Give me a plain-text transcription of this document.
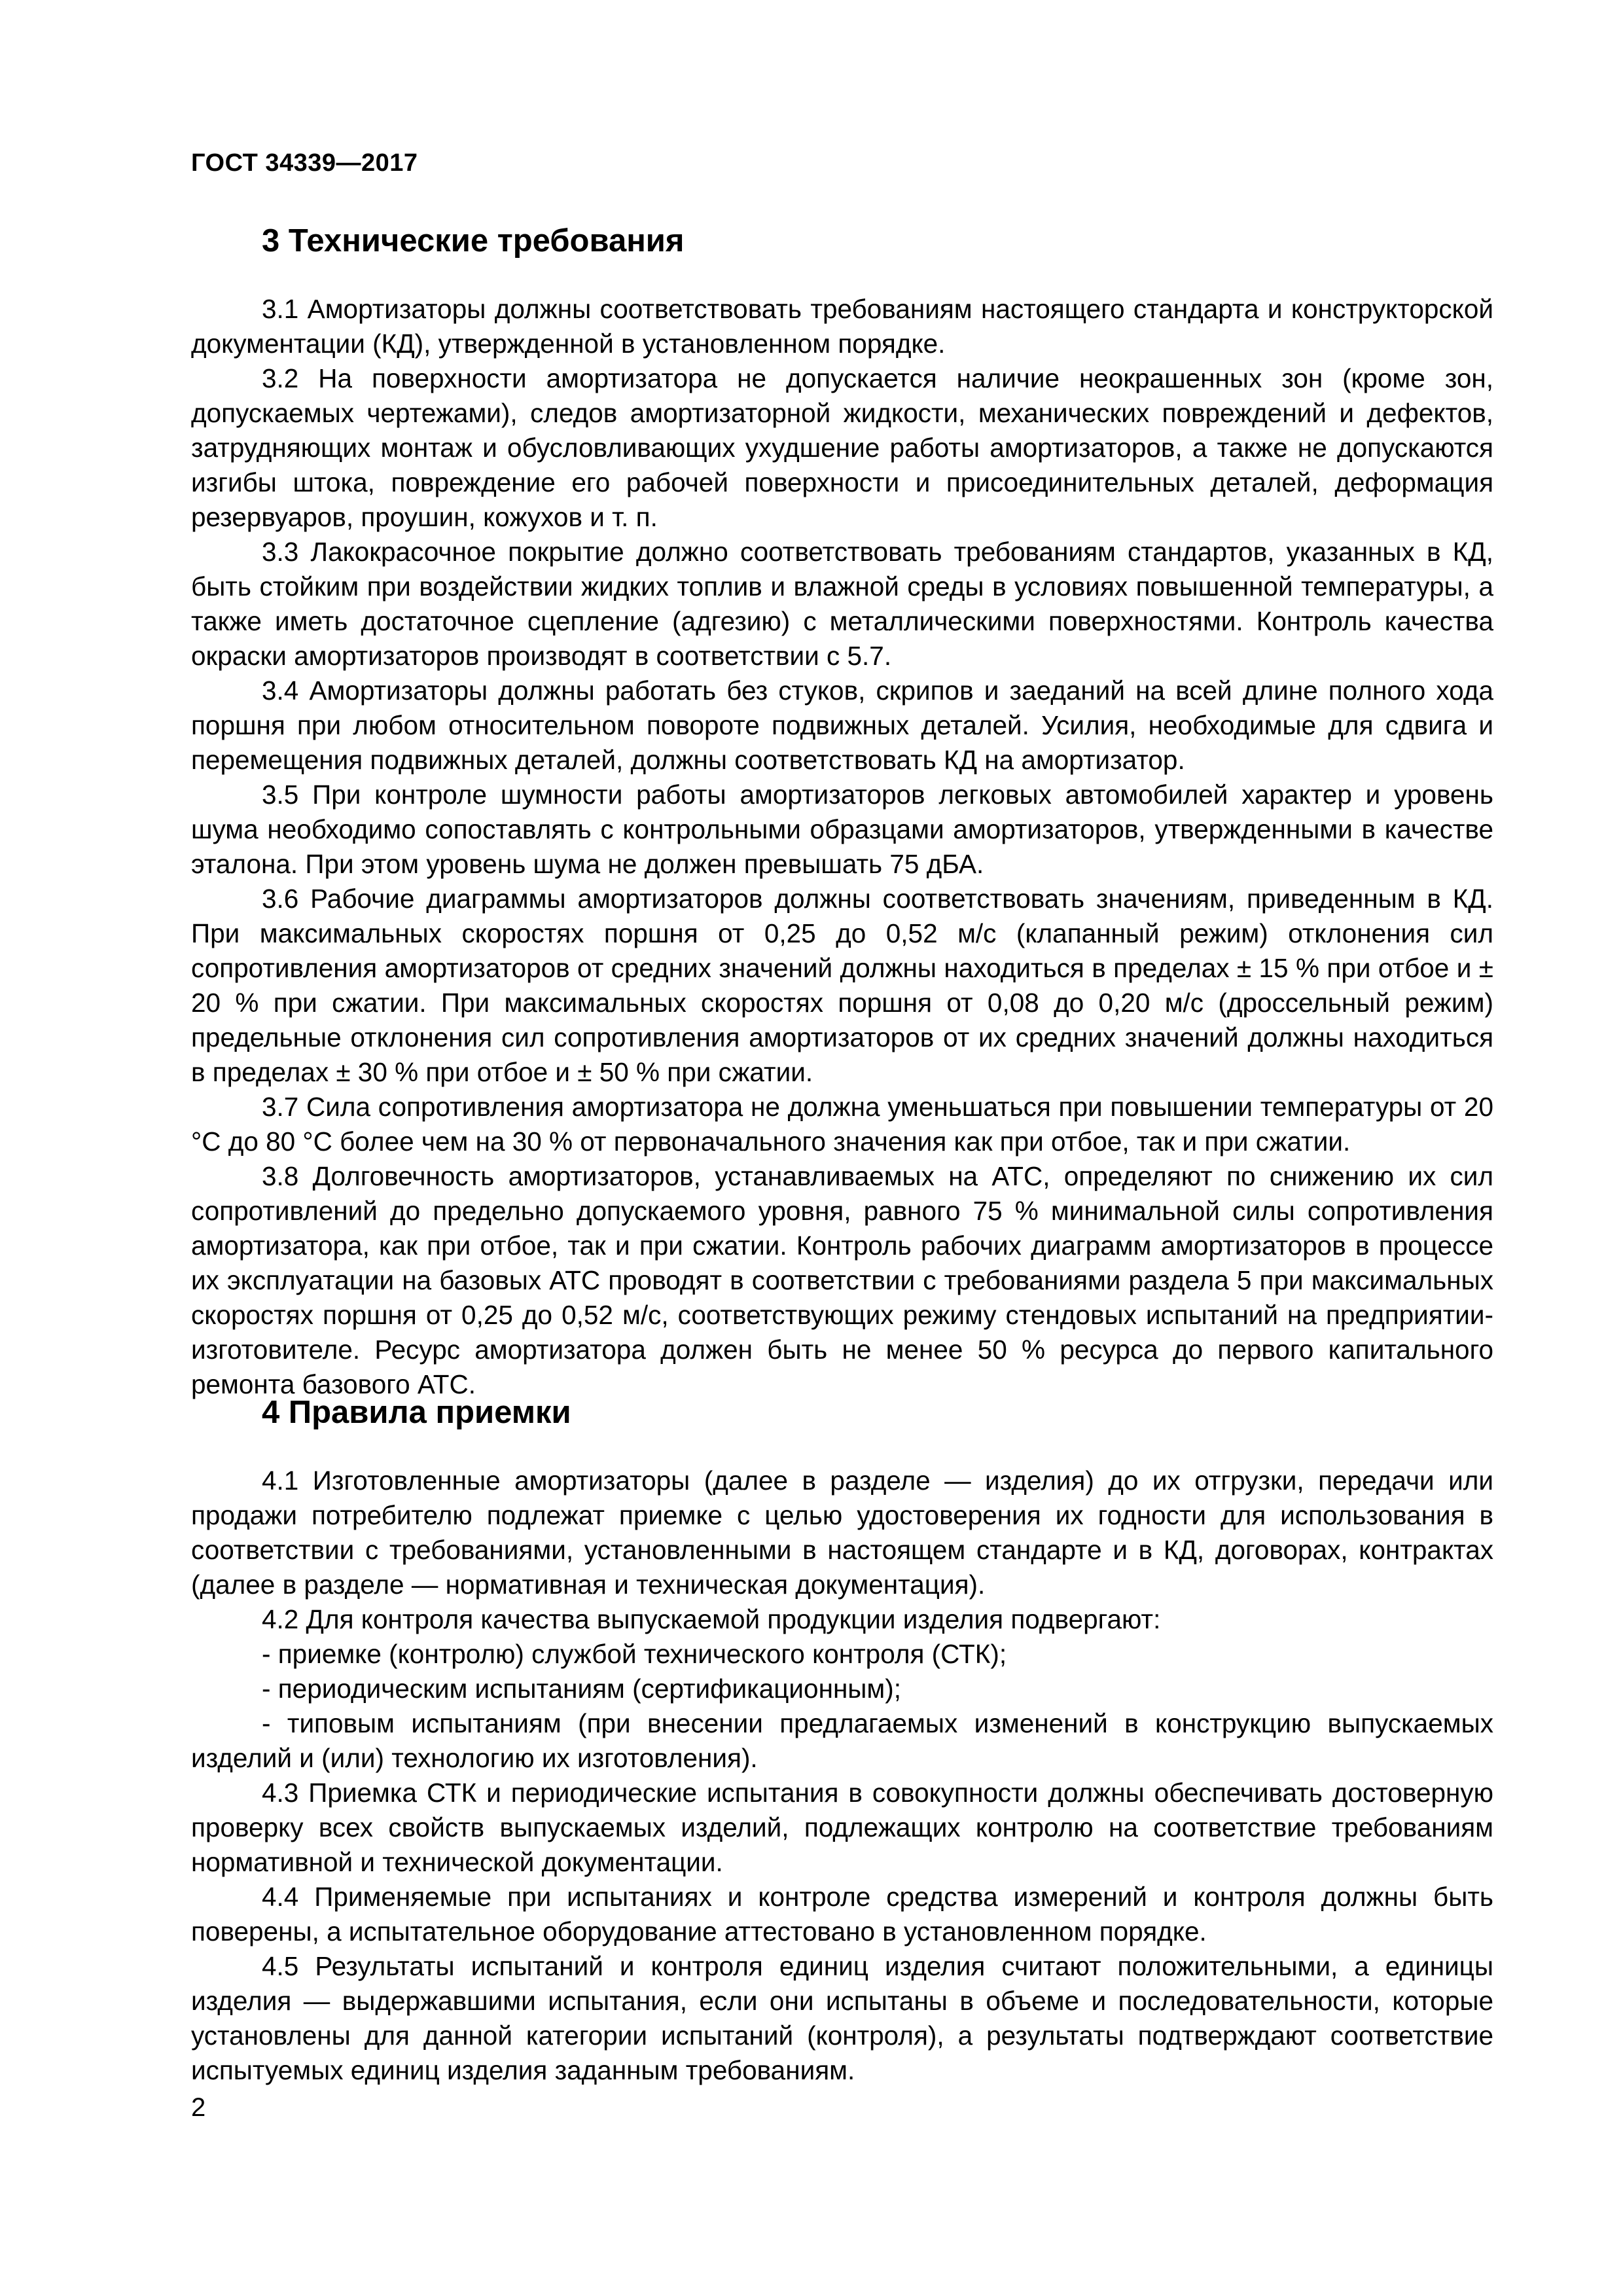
ГОСТ 34339—2017
3 Технические требования

3.1 Амортизаторы должны соответствовать требованиям настоящего стандарта и конструкторской документации (КД), утвержденной в установленном порядке.

3.2 На поверхности амортизатора не допускается наличие неокрашенных зон (кроме зон, допускаемых чертежами), следов амортизаторной жидкости, механических повреждений и дефектов, затрудняющих монтаж и обусловливающих ухудшение работы амортизаторов, а также не допускаются изгибы штока, повреждение его рабочей поверхности и присоединительных деталей, деформация резервуаров, проушин, кожухов и т. п.

3.3 Лакокрасочное покрытие должно соответствовать требованиям стандартов, указанных в КД, быть стойким при воздействии жидких топлив и влажной среды в условиях повышенной температуры, а также иметь достаточное сцепление (адгезию) с металлическими поверхностями. Контроль качества окраски амортизаторов производят в соответствии с 5.7.

3.4 Амортизаторы должны работать без стуков, скрипов и заеданий на всей длине полного хода поршня при любом относительном повороте подвижных деталей. Усилия, необходимые для сдвига и перемещения подвижных деталей, должны соответствовать КД на амортизатор.

3.5 При контроле шумности работы амортизаторов легковых автомобилей характер и уровень шума необходимо сопоставлять с контрольными образцами амортизаторов, утвержденными в качестве эталона. При этом уровень шума не должен превышать 75 дБА.

3.6 Рабочие диаграммы амортизаторов должны соответствовать значениям, приведенным в КД. При максимальных скоростях поршня от 0,25 до 0,52 м/с (клапанный режим) отклонения сил сопротивления амортизаторов от средних значений должны находиться в пределах ± 15 % при отбое и ± 20 % при сжатии. При максимальных скоростях поршня от 0,08 до 0,20 м/с (дроссельный режим) предельные отклонения сил сопротивления амортизаторов от их средних значений должны находиться в пределах ± 30 % при отбое и ± 50 % при сжатии.

3.7 Сила сопротивления амортизатора не должна уменьшаться при повышении температуры от 20 °С до 80 °С более чем на 30 % от первоначального значения как при отбое, так и при сжатии.

3.8 Долговечность амортизаторов, устанавливаемых на АТС, определяют по снижению их сил сопротивлений до предельно допускаемого уровня, равного 75 % минимальной силы сопротивления амортизатора, как при отбое, так и при сжатии. Контроль рабочих диаграмм амортизаторов в процессе их эксплуатации на базовых АТС проводят в соответствии с требованиями раздела 5 при максимальных скоростях поршня от 0,25 до 0,52 м/с, соответствующих режиму стендовых испытаний на предприятии-изготовителе. Ресурс амортизатора должен быть не менее 50 % ресурса до первого капитального ремонта базового АТС.

4 Правила приемки

4.1 Изготовленные амортизаторы (далее в разделе — изделия) до их отгрузки, передачи или продажи потребителю подлежат приемке с целью удостоверения их годности для использования в соответствии с требованиями, установленными в настоящем стандарте и в КД, договорах, контрактах (далее в разделе — нормативная и техническая документация).

4.2 Для контроля качества выпускаемой продукции изделия подвергают:

- приемке (контролю) службой технического контроля (СТК);

- периодическим испытаниям (сертификационным);

- типовым испытаниям (при внесении предлагаемых изменений в конструкцию выпускаемых изделий и (или) технологию их изготовления).

4.3 Приемка СТК и периодические испытания в совокупности должны обеспечивать достоверную проверку всех свойств выпускаемых изделий, подлежащих контролю на соответствие требованиям нормативной и технической документации.

4.4 Применяемые при испытаниях и контроле средства измерений и контроля должны быть поверены, а испытательное оборудование аттестовано в установленном порядке.

4.5 Результаты испытаний и контроля единиц изделия считают положительными, а единицы изделия — выдержавшими испытания, если они испытаны в объеме и последовательности, которые установлены для данной категории испытаний (контроля), а результаты подтверждают соответствие испытуемых единиц изделия заданным требованиям.

2
